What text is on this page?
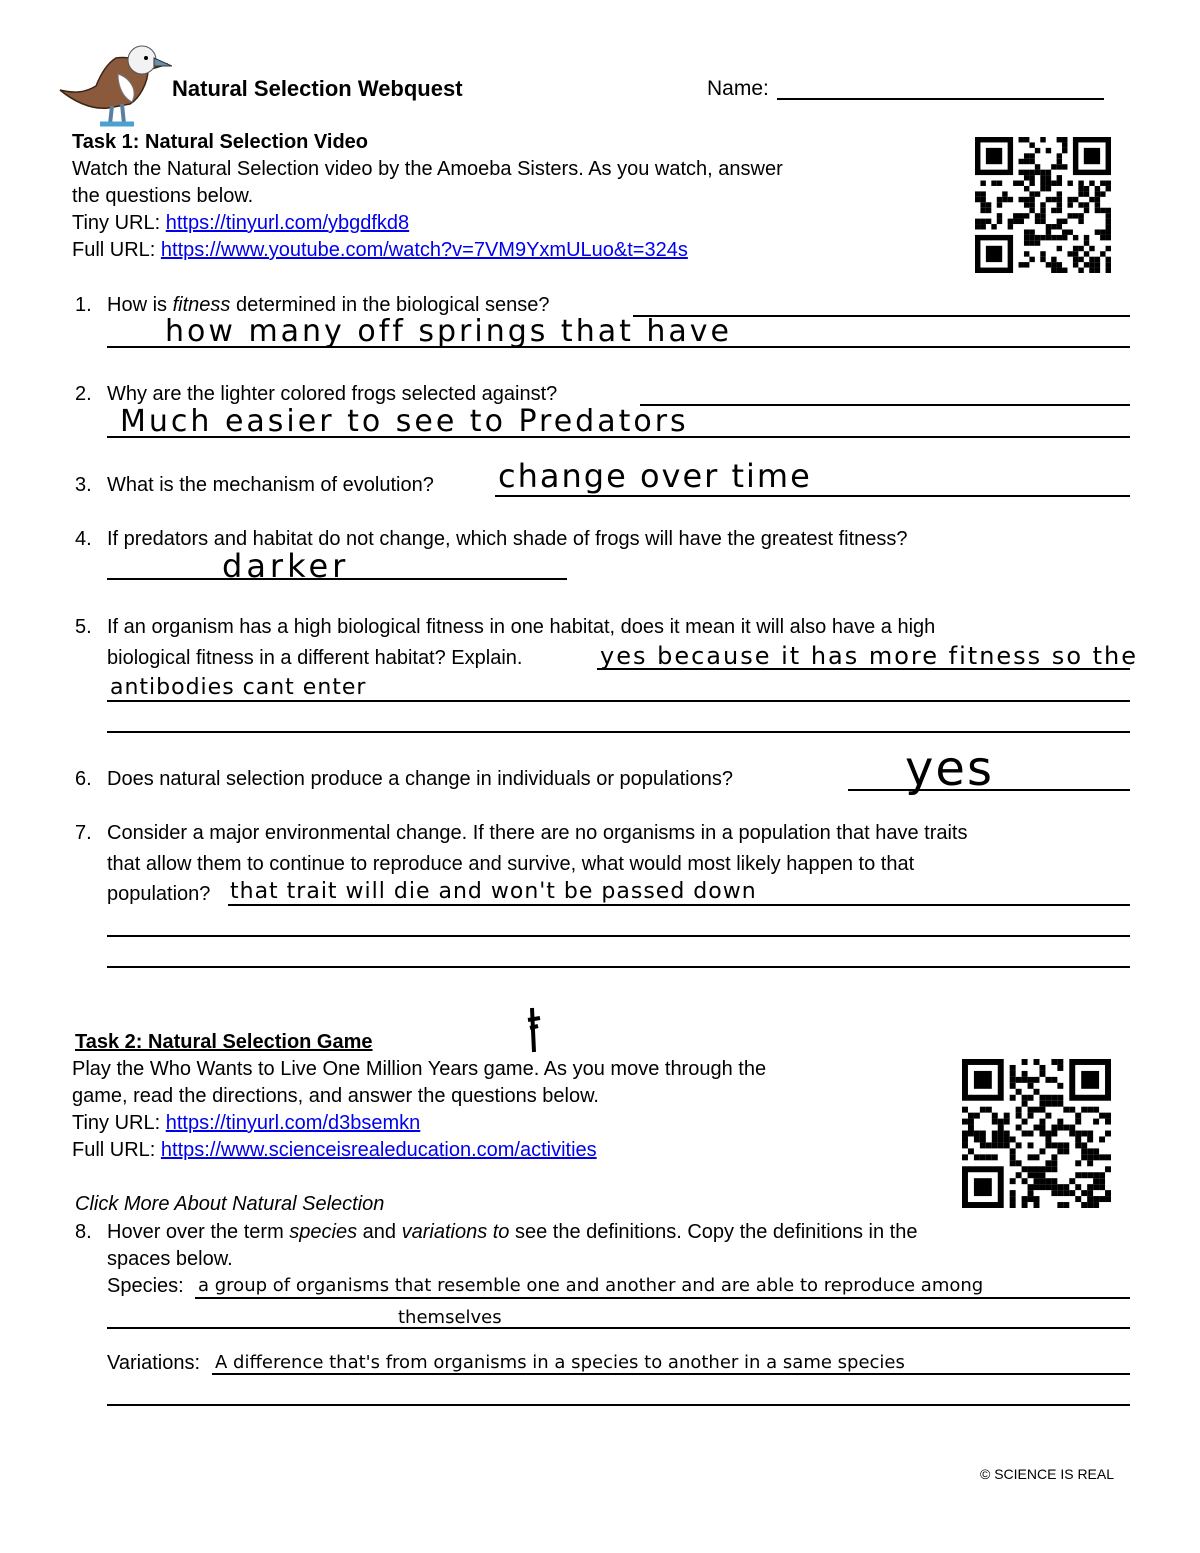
Natural Selection Webquest	Name:
Task 1: Natural Selection Video
Watch the Natural Selection video by the Amoeba Sisters. As you watch, answer
the questions below.
Tiny URL: https://tinyurl.com/ybgdfkd8
Full URL: https://www.youtube.com/watch?v=7VM9YxmULuo&t=324s
1. How is fitness determined in the biological sense?
how many off springs that have
2. Why are the lighter colored frogs selected against?
Much easier to see to Predators
3. What is the mechanism of evolution? change over time
4. If predators and habitat do not change, which shade of frogs will have the greatest fitness?
darker
5. If an organism has a high biological fitness in one habitat, does it mean it will also have a high
biological fitness in a different habitat? Explain.	yes because it has more fitness so the
antibodies cant enter
6. Does natural selection produce a change in individuals or populations?	yes
7. Consider a major environmental change. If there are no organisms in a population that have traits
that allow them to continue to reproduce and survive, what would most likely happen to that
population? that trait will die and won't be passed down
Task 2: Natural Selection Game
Play the Who Wants to Live One Million Years game. As you move through the
game, read the directions, and answer the questions below.
Tiny URL: https://tinyurl.com/d3bsemkn
Full URL: https://www.scienceisrealeducation.com/activities
Click More About Natural Selection
8. Hover over the term species and variations to see the definitions. Copy the definitions in the
spaces below.
Species: a group of organisms that resemble one and another and are able to reproduce among
themselves
Variations: A difference that's from organisms in a species to another in a same species
© SCIENCE IS REAL
